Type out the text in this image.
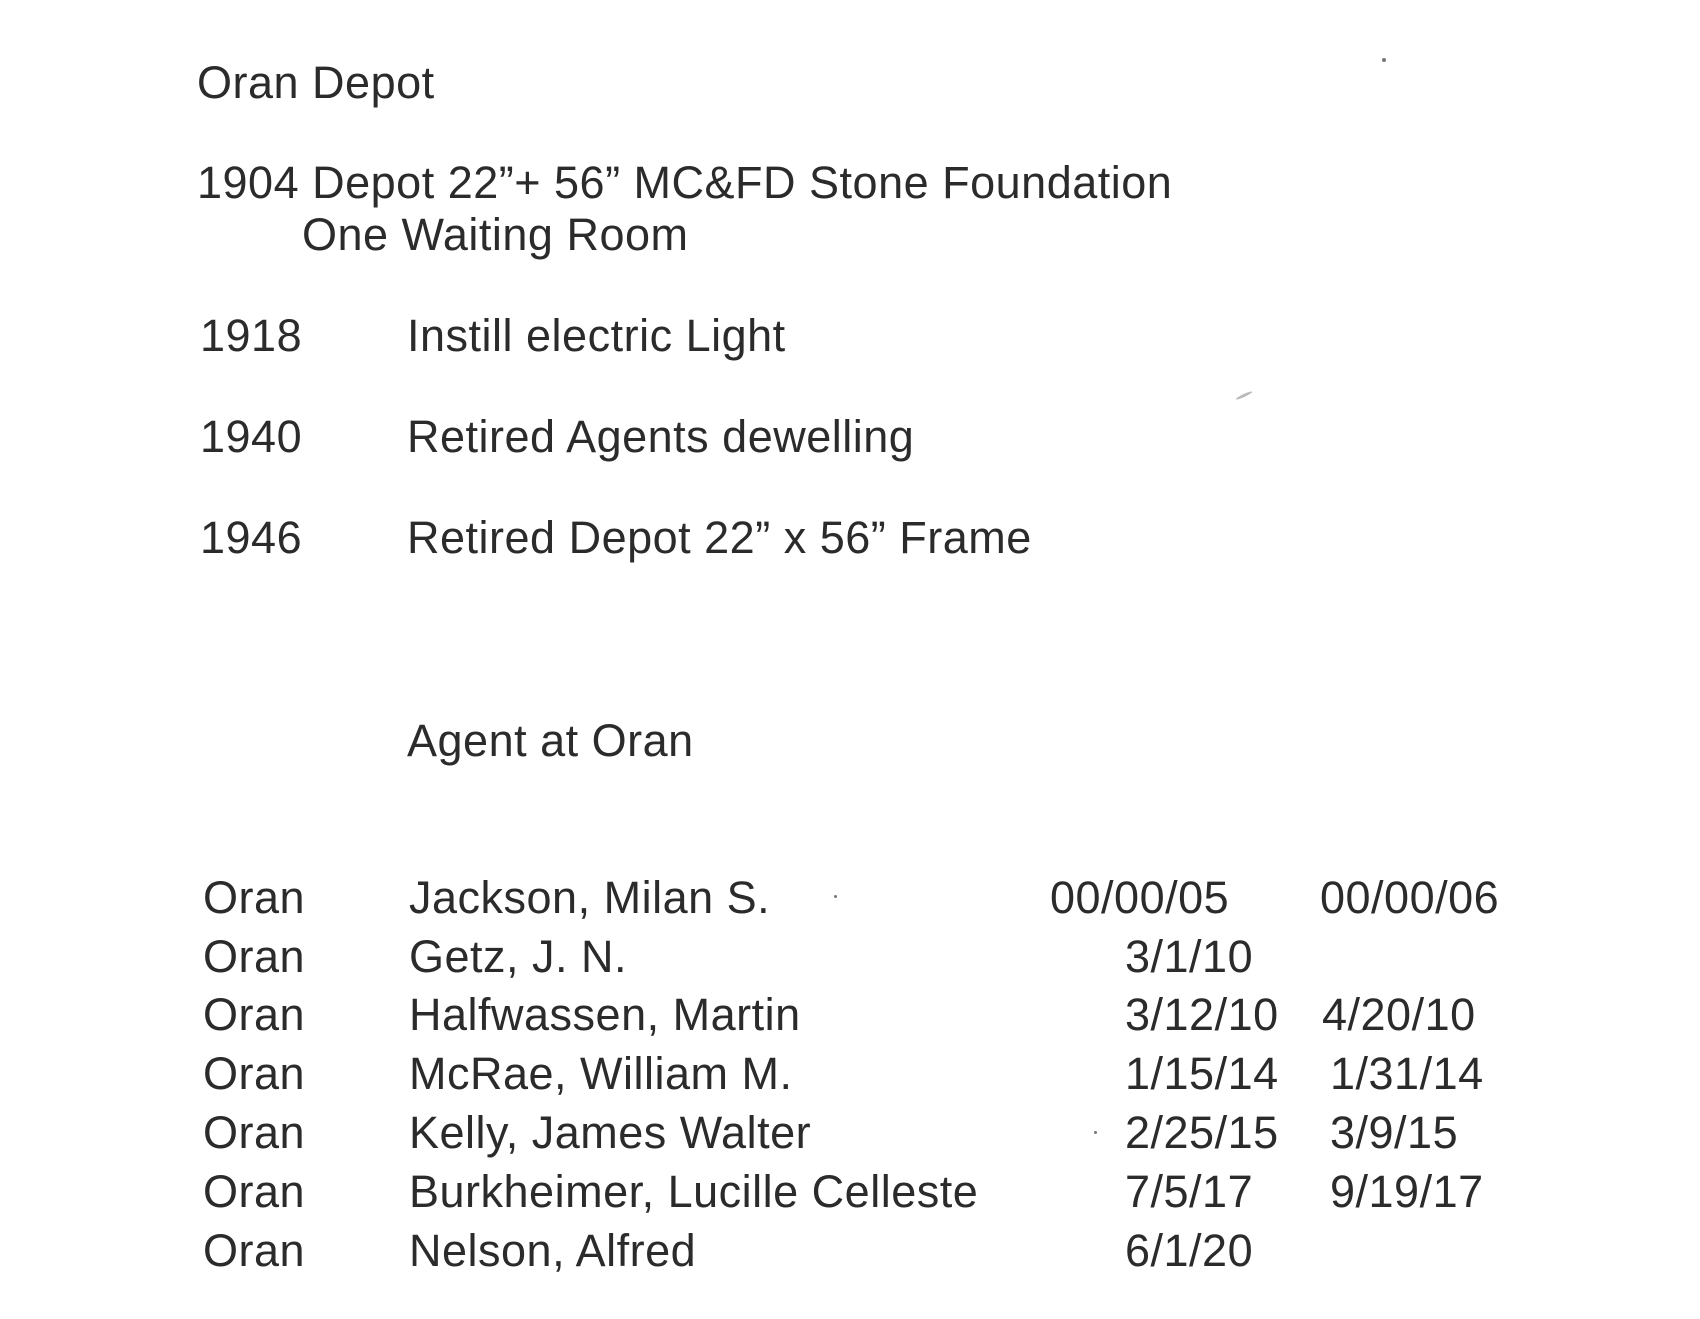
Oran Depot
1904 Depot 22”+ 56” MC&FD Stone Foundation
One Waiting Room
1918 Instill electric Light
1940 Retired Agents dewelling
1946 Retired Depot 22” x 56” Frame
Agent at Oran
Oran Jackson, Milan S.	00/00/05 00/00/06
Oran Getz, J. N.	3/1/10
Oran Halfwassen, Martin	3/12/10 4/20/10
Oran McRae, William M.	1/15/14 1/31/14
Oran Kelly, James Walter	2/25/15 3/9/15
Oran Burkheimer, Lucille Celleste	7/5/17 9/19/17
Oran Nelson, Alfred	6/1/20
